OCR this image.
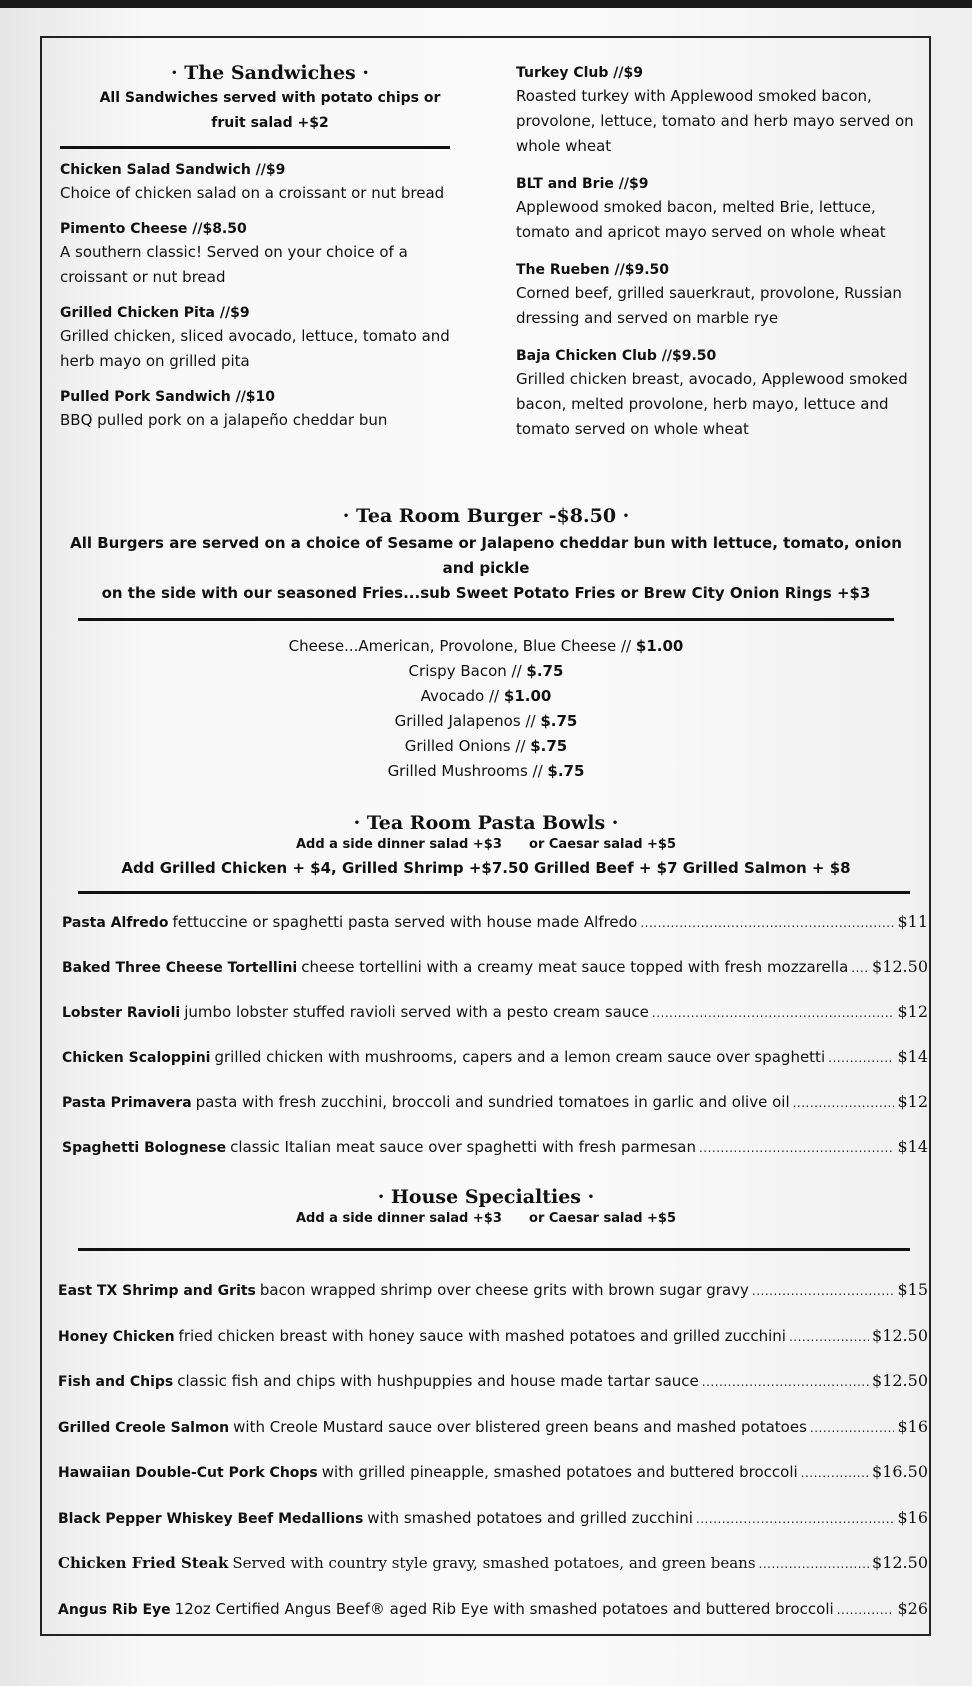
· The Sandwiches ·
All Sandwiches served with potato chips or
fruit salad +$2
Chicken Salad Sandwich //$9
Choice of chicken salad on a croissant or nut bread
Pimento Cheese //$8.50
A southern classic! Served on your choice of a croissant or nut bread
Grilled Chicken Pita //$9
Grilled chicken, sliced avocado, lettuce, tomato and herb mayo on grilled pita
Pulled Pork Sandwich //$10
BBQ pulled pork on a jalapeño cheddar bun
Turkey Club //$9
Roasted turkey with Applewood smoked bacon, provolone, lettuce, tomato and herb mayo served on whole wheat
BLT and Brie //$9
Applewood smoked bacon, melted Brie, lettuce, tomato and apricot mayo served on whole wheat
The Rueben //$9.50
Corned beef, grilled sauerkraut, provolone, Russian dressing and served on marble rye
Baja Chicken Club //$9.50
Grilled chicken breast, avocado, Applewood smoked bacon, melted provolone, herb mayo, lettuce and tomato served on whole wheat
· Tea Room Burger -$8.50 ·
All Burgers are served on a choice of Sesame or Jalapeno cheddar bun with lettuce, tomato, onion and pickle
on the side with our seasoned Fries...sub Sweet Potato Fries or Brew City Onion Rings +$3
Cheese...American, Provolone, Blue Cheese // $1.00
Crispy Bacon // $.75
Avocado // $1.00
Grilled Jalapenos // $.75
Grilled Onions // $.75
Grilled Mushrooms // $.75
· Tea Room Pasta Bowls ·
Add a side dinner salad +$3      or Caesar salad +$5
Add Grilled Chicken + $4, Grilled Shrimp +$7.50 Grilled Beef + $7 Grilled Salmon + $8
Pasta Alfredo fettuccine or spaghetti pasta served with house made Alfredo .....	$11
Baked Three Cheese Tortellini cheese tortellini with a creamy meat sauce topped with fresh mozzarella ..... $12.50
Lobster Ravioli jumbo lobster stuffed ravioli served with a pesto cream sauce .....	$12
Chicken Scaloppini grilled chicken with mushrooms, capers and a lemon cream sauce over spaghetti .....	$14
Pasta Primavera pasta with fresh zucchini, broccoli and sundried tomatoes in garlic and olive oil .....	$12
Spaghetti Bolognese classic Italian meat sauce over spaghetti with fresh parmesan .....	$14
· House Specialties ·
Add a side dinner salad +$3      or Caesar salad +$5
East TX Shrimp and Grits bacon wrapped shrimp over cheese grits with brown sugar gravy .....	$15
Honey Chicken fried chicken breast with honey sauce with mashed potatoes and grilled zucchini .....	$12.50
Fish and Chips classic fish and chips with hushpuppies and house made tartar sauce .....	$12.50
Grilled Creole Salmon with Creole Mustard sauce over blistered green beans and mashed potatoes .....	$16
Hawaiian Double-Cut Pork Chops with grilled pineapple, smashed potatoes and buttered broccoli .....	$16.50
Black Pepper Whiskey Beef Medallions with smashed potatoes and grilled zucchini .....	$16
Chicken Fried Steak Served with country style gravy, smashed potatoes, and green beans .....	$12.50
Angus Rib Eye 12oz Certified Angus Beef® aged Rib Eye with smashed potatoes and buttered broccoli .....	$26
